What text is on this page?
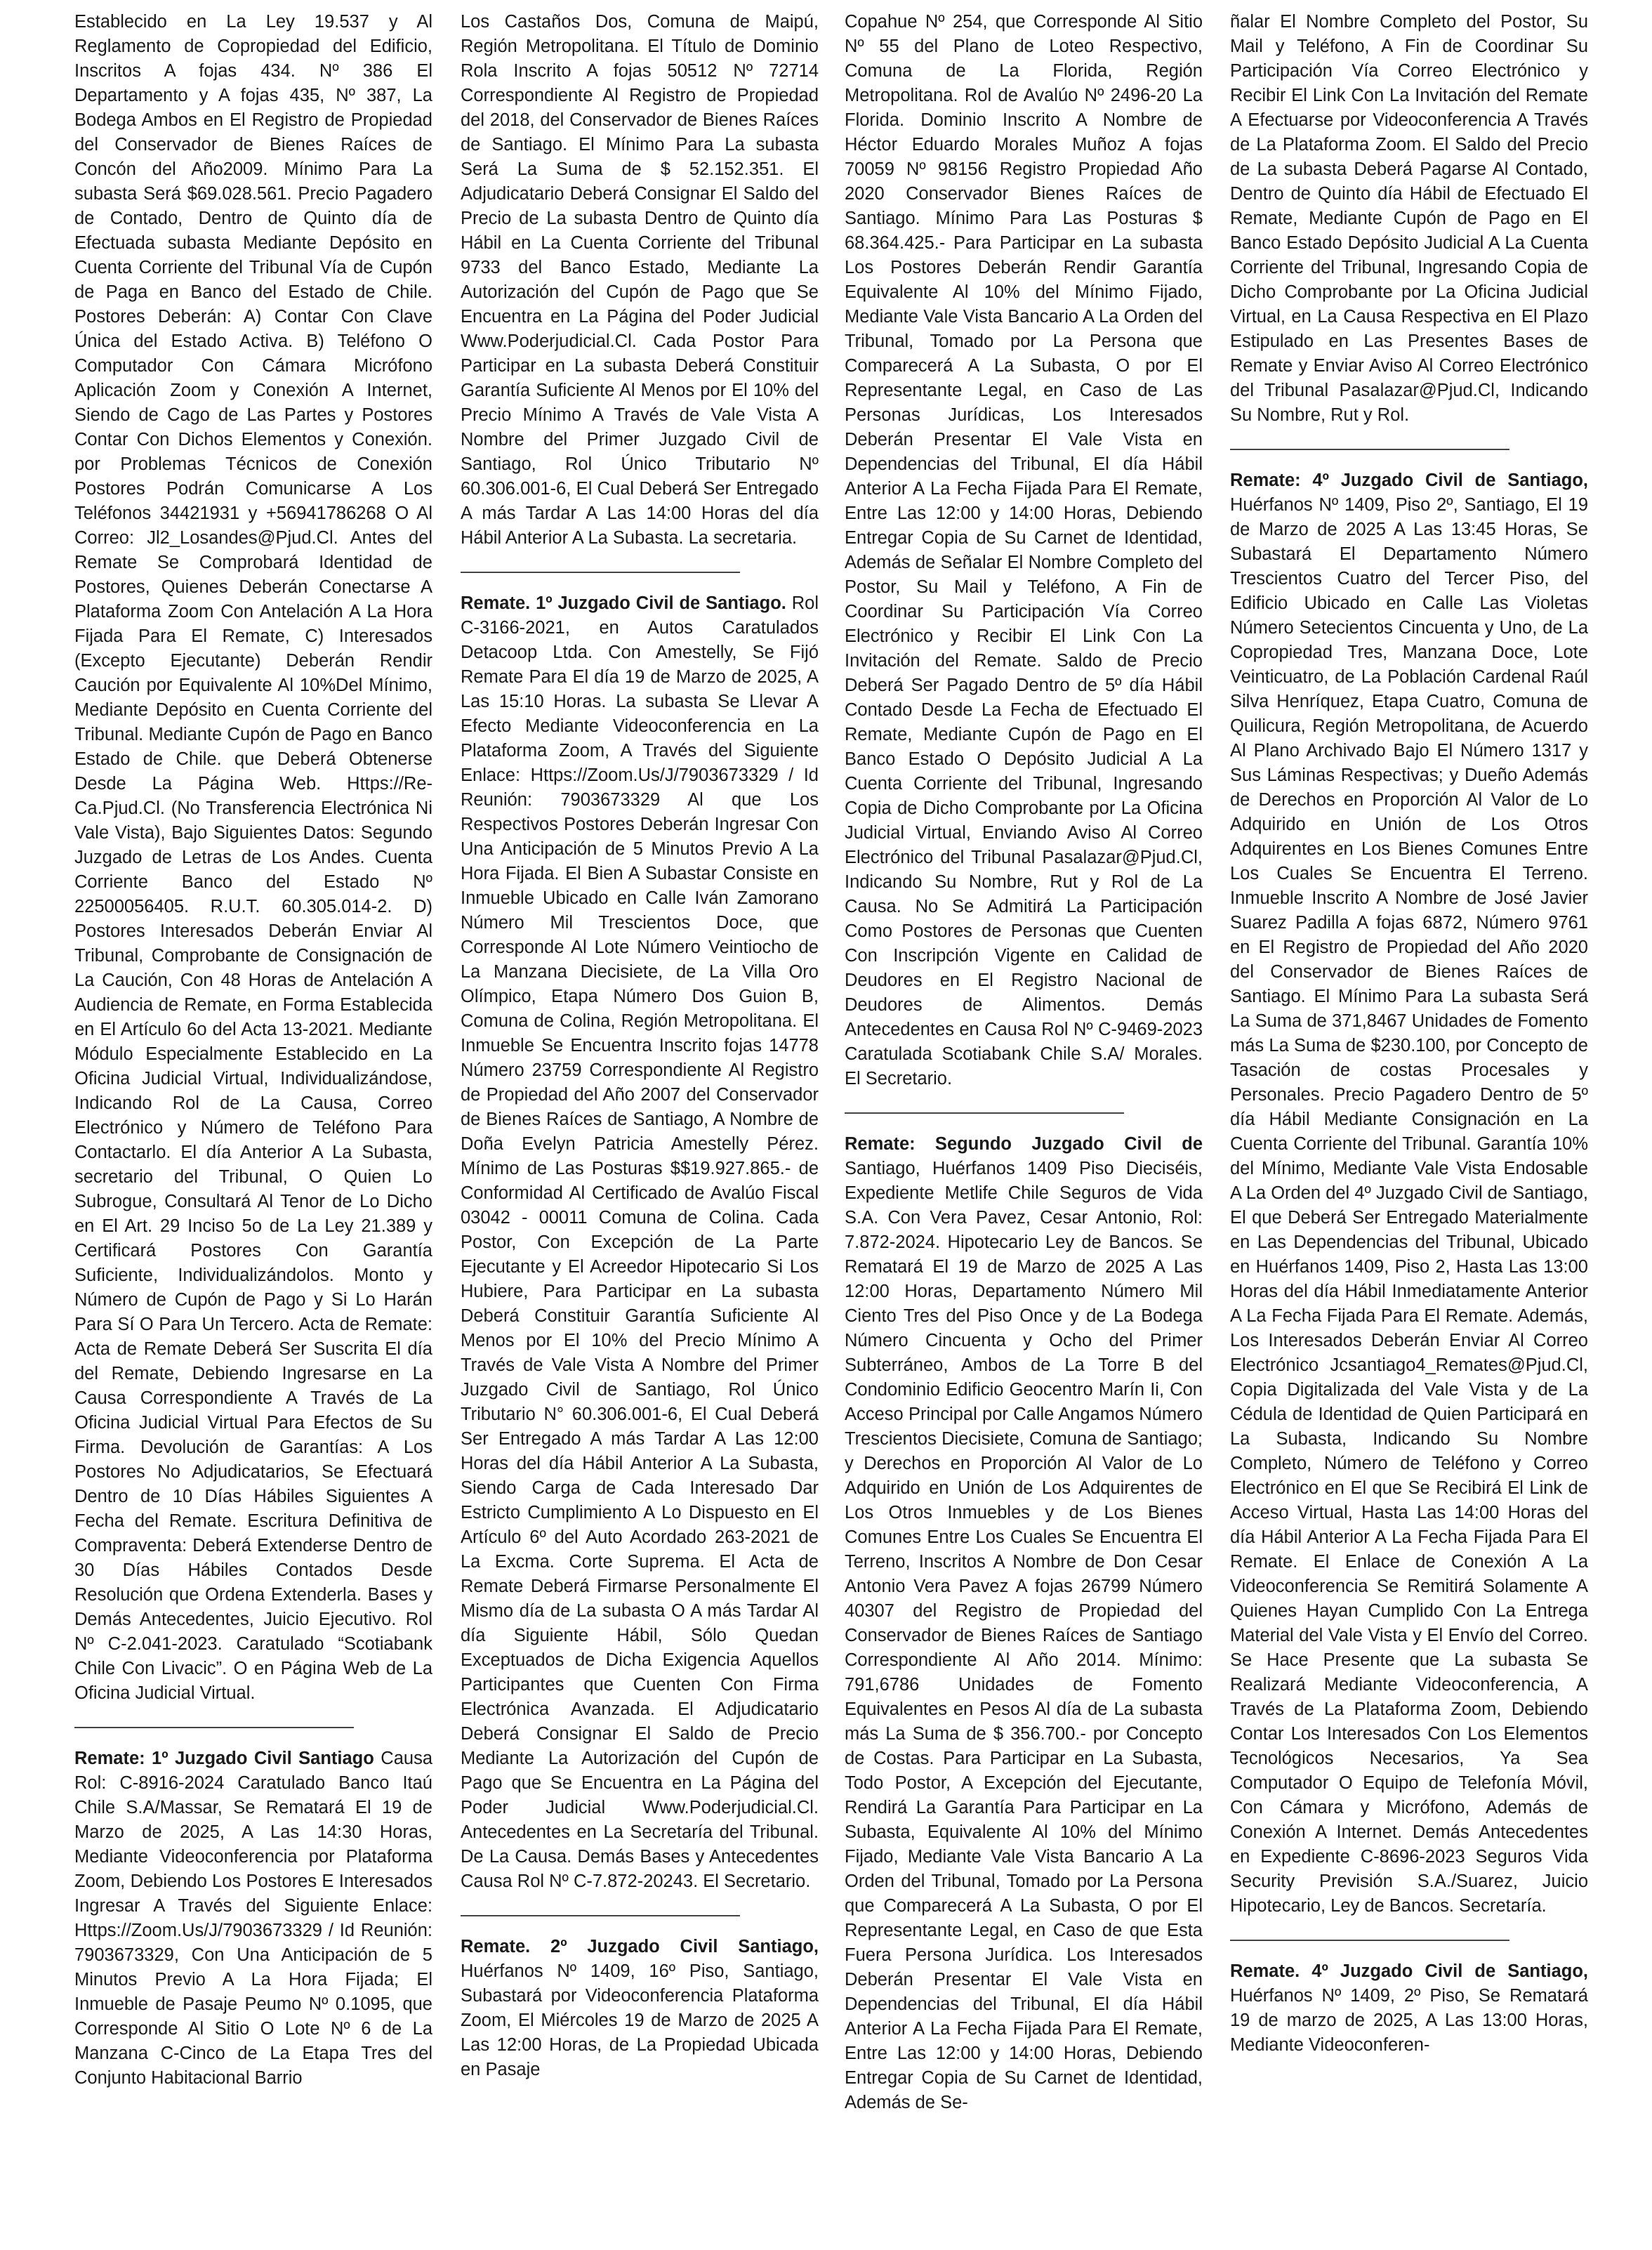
Establecido en La Ley 19.537 y Al Reglamento de Copropiedad del Edificio, Inscritos A fojas 434. Nº 386 El Departamento y A fojas 435, Nº 387, La Bodega Ambos en El Registro de Propiedad del Conservador de Bienes Raíces de Concón del Año2009. Mínimo Para La subasta Será $69.028.561. Precio Pagadero de Contado, Dentro de Quinto día de Efectuada subasta Mediante Depósito en Cuenta Corriente del Tribunal Vía de Cupón de Paga en Banco del Estado de Chile. Postores Deberán: A) Contar Con Clave Única del Estado Activa. B) Teléfono O Computador Con Cámara Micrófono Aplicación Zoom y Conexión A Internet, Siendo de Cago de Las Partes y Postores Contar Con Dichos Elementos y Conexión. por Problemas Técnicos de Conexión Postores Podrán Comunicarse A Los Teléfonos 34421931 y +56941786268 O Al Correo: Jl2_Losandes@Pjud.Cl. Antes del Remate Se Comprobará Identidad de Postores, Quienes Deberán Conectarse A Plataforma Zoom Con Antelación A La Hora Fijada Para El Remate, C) Interesados (Excepto Ejecutante) Deberán Rendir Caución por Equivalente Al 10%Del Mínimo, Mediante Depósito en Cuenta Corriente del Tribunal. Mediante Cupón de Pago en Banco Estado de Chile. que Deberá Obtenerse Desde La Página Web. Https://Re-Ca.Pjud.Cl. (No Transferencia Electrónica Ni Vale Vista), Bajo Siguientes Datos: Segundo Juzgado de Letras de Los Andes. Cuenta Corriente Banco del Estado Nº 22500056405. R.U.T. 60.305.014-2. D) Postores Interesados Deberán Enviar Al Tribunal, Comprobante de Consignación de La Caución, Con 48 Horas de Antelación A Audiencia de Remate, en Forma Establecida en El Artículo 6o del Acta 13-2021. Mediante Módulo Especialmente Establecido en La Oficina Judicial Virtual, Individualizándose, Indicando Rol de La Causa, Correo Electrónico y Número de Teléfono Para Contactarlo. El día Anterior A La Subasta, secretario del Tribunal, O Quien Lo Subrogue, Consultará Al Tenor de Lo Dicho en El Art. 29 Inciso 5o de La Ley 21.389 y Certificará Postores Con Garantía Suficiente, Individualizándolos. Monto y Número de Cupón de Pago y Si Lo Harán Para Sí O Para Un Tercero. Acta de Remate: Acta de Remate Deberá Ser Suscrita El día del Remate, Debiendo Ingresarse en La Causa Correspondiente A Través de La Oficina Judicial Virtual Para Efectos de Su Firma. Devolución de Garantías: A Los Postores No Adjudicatarios, Se Efectuará Dentro de 10 Días Hábiles Siguientes A Fecha del Remate. Escritura Definitiva de Compraventa: Deberá Extenderse Dentro de 30 Días Hábiles Contados Desde Resolución que Ordena Extenderla. Bases y Demás Antecedentes, Juicio Ejecutivo. Rol Nº C-2.041-2023. Caratulado “Scotiabank Chile Con Livacic”. O en Página Web de La Oficina Judicial Virtual.

Remate: 1º Juzgado Civil Santiago Causa Rol: C-8916-2024 Caratulado Banco Itaú Chile S.A/Massar, Se Rematará El 19 de Marzo de 2025, A Las 14:30 Horas, Mediante Videoconferencia por Plataforma Zoom, Debiendo Los Postores E Interesados Ingresar A Través del Siguiente Enlace: Https://Zoom.Us/J/7903673329 / Id Reunión: 7903673329, Con Una Anticipación de 5 Minutos Previo A La Hora Fijada; El Inmueble de Pasaje Peumo Nº 0.1095, que Corresponde Al Sitio O Lote Nº 6 de La Manzana C-Cinco de La Etapa Tres del Conjunto Habitacional Barrio

Los Castaños Dos, Comuna de Maipú, Región Metropolitana. El Título de Dominio Rola Inscrito A fojas 50512 Nº 72714 Correspondiente Al Registro de Propiedad del 2018, del Conservador de Bienes Raíces de Santiago. El Mínimo Para La subasta Será La Suma de $ 52.152.351. El Adjudicatario Deberá Consignar El Saldo del Precio de La subasta Dentro de Quinto día Hábil en La Cuenta Corriente del Tribunal 9733 del Banco Estado, Mediante La Autorización del Cupón de Pago que Se Encuentra en La Página del Poder Judicial Www.Poderjudicial.Cl. Cada Postor Para Participar en La subasta Deberá Constituir Garantía Suficiente Al Menos por El 10% del Precio Mínimo A Través de Vale Vista A Nombre del Primer Juzgado Civil de Santiago, Rol Único Tributario Nº 60.306.001-6, El Cual Deberá Ser Entregado A más Tardar A Las 14:00 Horas del día Hábil Anterior A La Subasta. La secretaria.

Remate. 1º Juzgado Civil de Santiago. Rol C-3166-2021, en Autos Caratulados Detacoop Ltda. Con Amestelly, Se Fijó Remate Para El día 19 de Marzo de 2025, A Las 15:10 Horas. La subasta Se Llevar A Efecto Mediante Videoconferencia en La Plataforma Zoom, A Través del Siguiente Enlace: Https://Zoom.Us/J/7903673329 / Id Reunión: 7903673329 Al que Los Respectivos Postores Deberán Ingresar Con Una Anticipación de 5 Minutos Previo A La Hora Fijada. El Bien A Subastar Consiste en Inmueble Ubicado en Calle Iván Zamorano Número Mil Trescientos Doce, que Corresponde Al Lote Número Veintiocho de La Manzana Diecisiete, de La Villa Oro Olímpico, Etapa Número Dos Guion B, Comuna de Colina, Región Metropolitana. El Inmueble Se Encuentra Inscrito fojas 14778 Número 23759 Correspondiente Al Registro de Propiedad del Año 2007 del Conservador de Bienes Raíces de Santiago, A Nombre de Doña Evelyn Patricia Amestelly Pérez. Mínimo de Las Posturas $$19.927.865.- de Conformidad Al Certificado de Avalúo Fiscal 03042 - 00011 Comuna de Colina. Cada Postor, Con Excepción de La Parte Ejecutante y El Acreedor Hipotecario Si Los Hubiere, Para Participar en La subasta Deberá Constituir Garantía Suficiente Al Menos por El 10% del Precio Mínimo A Través de Vale Vista A Nombre del Primer Juzgado Civil de Santiago, Rol Único Tributario N° 60.306.001-6, El Cual Deberá Ser Entregado A más Tardar A Las 12:00 Horas del día Hábil Anterior A La Subasta, Siendo Carga de Cada Interesado Dar Estricto Cumplimiento A Lo Dispuesto en El Artículo 6º del Auto Acordado 263-2021 de La Excma. Corte Suprema. El Acta de Remate Deberá Firmarse Personalmente El Mismo día de La subasta O A más Tardar Al día Siguiente Hábil, Sólo Quedan Exceptuados de Dicha Exigencia Aquellos Participantes que Cuenten Con Firma Electrónica Avanzada. El Adjudicatario Deberá Consignar El Saldo de Precio Mediante La Autorización del Cupón de Pago que Se Encuentra en La Página del Poder Judicial Www.Poderjudicial.Cl. Antecedentes en La Secretaría del Tribunal. De La Causa. Demás Bases y Antecedentes Causa Rol Nº C-7.872-20243. El Secretario.

Remate. 2º Juzgado Civil Santiago, Huérfanos Nº 1409, 16º Piso, Santiago, Subastará por Videoconferencia Plataforma Zoom, El Miércoles 19 de Marzo de 2025 A Las 12:00 Horas, de La Propiedad Ubicada en Pasaje

Copahue Nº 254, que Corresponde Al Sitio Nº 55 del Plano de Loteo Respectivo, Comuna de La Florida, Región Metropolitana. Rol de Avalúo Nº 2496-20 La Florida. Dominio Inscrito A Nombre de Héctor Eduardo Morales Muñoz A fojas 70059 Nº 98156 Registro Propiedad Año 2020 Conservador Bienes Raíces de Santiago. Mínimo Para Las Posturas $ 68.364.425.- Para Participar en La subasta Los Postores Deberán Rendir Garantía Equivalente Al 10% del Mínimo Fijado, Mediante Vale Vista Bancario A La Orden del Tribunal, Tomado por La Persona que Comparecerá A La Subasta, O por El Representante Legal, en Caso de Las Personas Jurídicas, Los Interesados Deberán Presentar El Vale Vista en Dependencias del Tribunal, El día Hábil Anterior A La Fecha Fijada Para El Remate, Entre Las 12:00 y 14:00 Horas, Debiendo Entregar Copia de Su Carnet de Identidad, Además de Señalar El Nombre Completo del Postor, Su Mail y Teléfono, A Fin de Coordinar Su Participación Vía Correo Electrónico y Recibir El Link Con La Invitación del Remate. Saldo de Precio Deberá Ser Pagado Dentro de 5º día Hábil Contado Desde La Fecha de Efectuado El Remate, Mediante Cupón de Pago en El Banco Estado O Depósito Judicial A La Cuenta Corriente del Tribunal, Ingresando Copia de Dicho Comprobante por La Oficina Judicial Virtual, Enviando Aviso Al Correo Electrónico del Tribunal Pasalazar@Pjud.Cl, Indicando Su Nombre, Rut y Rol de La Causa. No Se Admitirá La Participación Como Postores de Personas que Cuenten Con Inscripción Vigente en Calidad de Deudores en El Registro Nacional de Deudores de Alimentos. Demás Antecedentes en Causa Rol Nº C-9469-2023 Caratulada Scotiabank Chile S.A/ Morales. El Secretario.

Remate: Segundo Juzgado Civil de Santiago, Huérfanos 1409 Piso Dieciséis, Expediente Metlife Chile Seguros de Vida S.A. Con Vera Pavez, Cesar Antonio, Rol: 7.872-2024. Hipotecario Ley de Bancos. Se Rematará El 19 de Marzo de 2025 A Las 12:00 Horas, Departamento Número Mil Ciento Tres del Piso Once y de La Bodega Número Cincuenta y Ocho del Primer Subterráneo, Ambos de La Torre B del Condominio Edificio Geocentro Marín Ii, Con Acceso Principal por Calle Angamos Número Trescientos Diecisiete, Comuna de Santiago; y Derechos en Proporción Al Valor de Lo Adquirido en Unión de Los Adquirentes de Los Otros Inmuebles y de Los Bienes Comunes Entre Los Cuales Se Encuentra El Terreno, Inscritos A Nombre de Don Cesar Antonio Vera Pavez A fojas 26799 Número 40307 del Registro de Propiedad del Conservador de Bienes Raíces de Santiago Correspondiente Al Año 2014. Mínimo: 791,6786 Unidades de Fomento Equivalentes en Pesos Al día de La subasta más La Suma de $ 356.700.- por Concepto de Costas. Para Participar en La Subasta, Todo Postor, A Excepción del Ejecutante, Rendirá La Garantía Para Participar en La Subasta, Equivalente Al 10% del Mínimo Fijado, Mediante Vale Vista Bancario A La Orden del Tribunal, Tomado por La Persona que Comparecerá A La Subasta, O por El Representante Legal, en Caso de que Esta Fuera Persona Jurídica. Los Interesados Deberán Presentar El Vale Vista en Dependencias del Tribunal, El día Hábil Anterior A La Fecha Fijada Para El Remate, Entre Las 12:00 y 14:00 Horas, Debiendo Entregar Copia de Su Carnet de Identidad, Además de Se-

ñalar El Nombre Completo del Postor, Su Mail y Teléfono, A Fin de Coordinar Su Participación Vía Correo Electrónico y Recibir El Link Con La Invitación del Remate A Efectuarse por Videoconferencia A Través de La Plataforma Zoom. El Saldo del Precio de La subasta Deberá Pagarse Al Contado, Dentro de Quinto día Hábil de Efectuado El Remate, Mediante Cupón de Pago en El Banco Estado Depósito Judicial A La Cuenta Corriente del Tribunal, Ingresando Copia de Dicho Comprobante por La Oficina Judicial Virtual, en La Causa Respectiva en El Plazo Estipulado en Las Presentes Bases de Remate y Enviar Aviso Al Correo Electrónico del Tribunal Pasalazar@Pjud.Cl, Indicando Su Nombre, Rut y Rol.

Remate: 4º Juzgado Civil de Santiago, Huérfanos Nº 1409, Piso 2º, Santiago, El 19 de Marzo de 2025 A Las 13:45 Horas, Se Subastará El Departamento Número Trescientos Cuatro del Tercer Piso, del Edificio Ubicado en Calle Las Violetas Número Setecientos Cincuenta y Uno, de La Copropiedad Tres, Manzana Doce, Lote Veinticuatro, de La Población Cardenal Raúl Silva Henríquez, Etapa Cuatro, Comuna de Quilicura, Región Metropolitana, de Acuerdo Al Plano Archivado Bajo El Número 1317 y Sus Láminas Respectivas; y Dueño Además de Derechos en Proporción Al Valor de Lo Adquirido en Unión de Los Otros Adquirentes en Los Bienes Comunes Entre Los Cuales Se Encuentra El Terreno. Inmueble Inscrito A Nombre de José Javier Suarez Padilla A fojas 6872, Número 9761 en El Registro de Propiedad del Año 2020 del Conservador de Bienes Raíces de Santiago. El Mínimo Para La subasta Será La Suma de 371,8467 Unidades de Fomento más La Suma de $230.100, por Concepto de Tasación de costas Procesales y Personales. Precio Pagadero Dentro de 5º día Hábil Mediante Consignación en La Cuenta Corriente del Tribunal. Garantía 10% del Mínimo, Mediante Vale Vista Endosable A La Orden del 4º Juzgado Civil de Santiago, El que Deberá Ser Entregado Materialmente en Las Dependencias del Tribunal, Ubicado en Huérfanos 1409, Piso 2, Hasta Las 13:00 Horas del día Hábil Inmediatamente Anterior A La Fecha Fijada Para El Remate. Además, Los Interesados Deberán Enviar Al Correo Electrónico Jcsantiago4_Remates@Pjud.Cl, Copia Digitalizada del Vale Vista y de La Cédula de Identidad de Quien Participará en La Subasta, Indicando Su Nombre Completo, Número de Teléfono y Correo Electrónico en El que Se Recibirá El Link de Acceso Virtual, Hasta Las 14:00 Horas del día Hábil Anterior A La Fecha Fijada Para El Remate. El Enlace de Conexión A La Videoconferencia Se Remitirá Solamente A Quienes Hayan Cumplido Con La Entrega Material del Vale Vista y El Envío del Correo. Se Hace Presente que La subasta Se Realizará Mediante Videoconferencia, A Través de La Plataforma Zoom, Debiendo Contar Los Interesados Con Los Elementos Tecnológicos Necesarios, Ya Sea Computador O Equipo de Telefonía Móvil, Con Cámara y Micrófono, Además de Conexión A Internet. Demás Antecedentes en Expediente C-8696-2023 Seguros Vida Security Previsión S.A./Suarez, Juicio Hipotecario, Ley de Bancos. Secretaría.

Remate. 4º Juzgado Civil de Santiago, Huérfanos Nº 1409, 2º Piso, Se Rematará 19 de marzo de 2025, A Las 13:00 Horas, Mediante Videoconferen-
